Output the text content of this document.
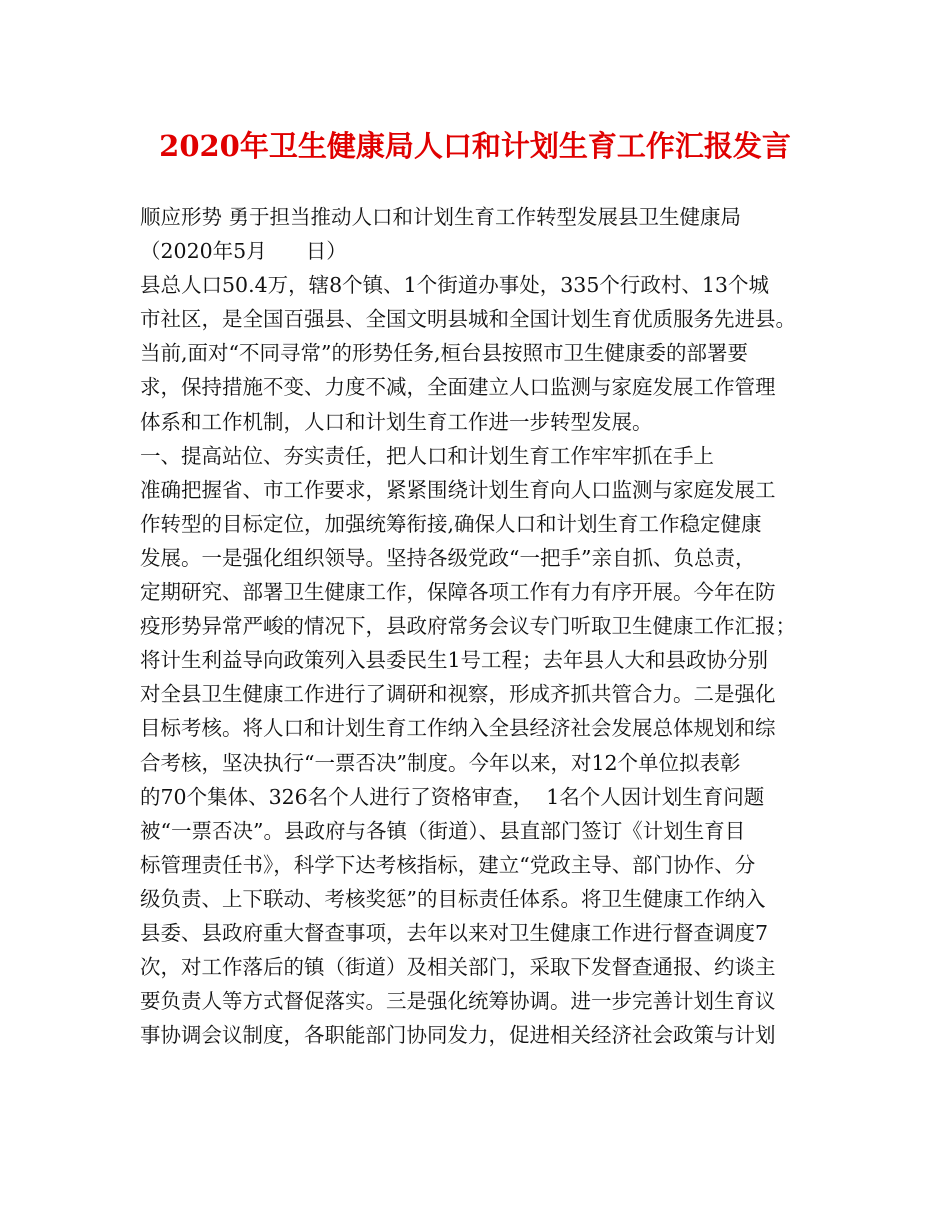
2020年卫生健康局人口和计划生育工作汇报发言
顺应形势 勇于担当推动人口和计划生育工作转型发展县卫生健康局
（2020年5月      日）
县总人口50.4万，辖8个镇、1个街道办事处，335个行政村、13个城
市社区，是全国百强县、全国文明县城和全国计划生育优质服务先进县。
当前,面对“不同寻常”的形势任务,桓台县按照市卫生健康委的部署要
求，保持措施不变、力度不减，全面建立人口监测与家庭发展工作管理
体系和工作机制，人口和计划生育工作进一步转型发展。
一、提高站位、夯实责任，把人口和计划生育工作牢牢抓在手上
准确把握省、市工作要求，紧紧围绕计划生育向人口监测与家庭发展工
作转型的目标定位，加强统筹衔接,确保人口和计划生育工作稳定健康
发展。一是强化组织领导。坚持各级党政“一把手”亲自抓、负总责，
定期研究、部署卫生健康工作，保障各项工作有力有序开展。今年在防
疫形势异常严峻的情况下，县政府常务会议专门听取卫生健康工作汇报；
将计生利益导向政策列入县委民生1号工程；去年县人大和县政协分别
对全县卫生健康工作进行了调研和视察，形成齐抓共管合力。二是强化
目标考核。将人口和计划生育工作纳入全县经济社会发展总体规划和综
合考核，坚决执行“一票否决”制度。今年以来，对12个单位拟表彰
的70个集体、326名个人进行了资格审查，  1名个人因计划生育问题
被“一票否决”。县政府与各镇（街道）、县直部门签订《计划生育目
标管理责任书》，科学下达考核指标，建立“党政主导、部门协作、分
级负责、上下联动、考核奖惩”的目标责任体系。将卫生健康工作纳入
县委、县政府重大督查事项，去年以来对卫生健康工作进行督查调度7
次，对工作落后的镇（街道）及相关部门，采取下发督查通报、约谈主
要负责人等方式督促落实。三是强化统筹协调。进一步完善计划生育议
事协调会议制度，各职能部门协同发力，促进相关经济社会政策与计划
